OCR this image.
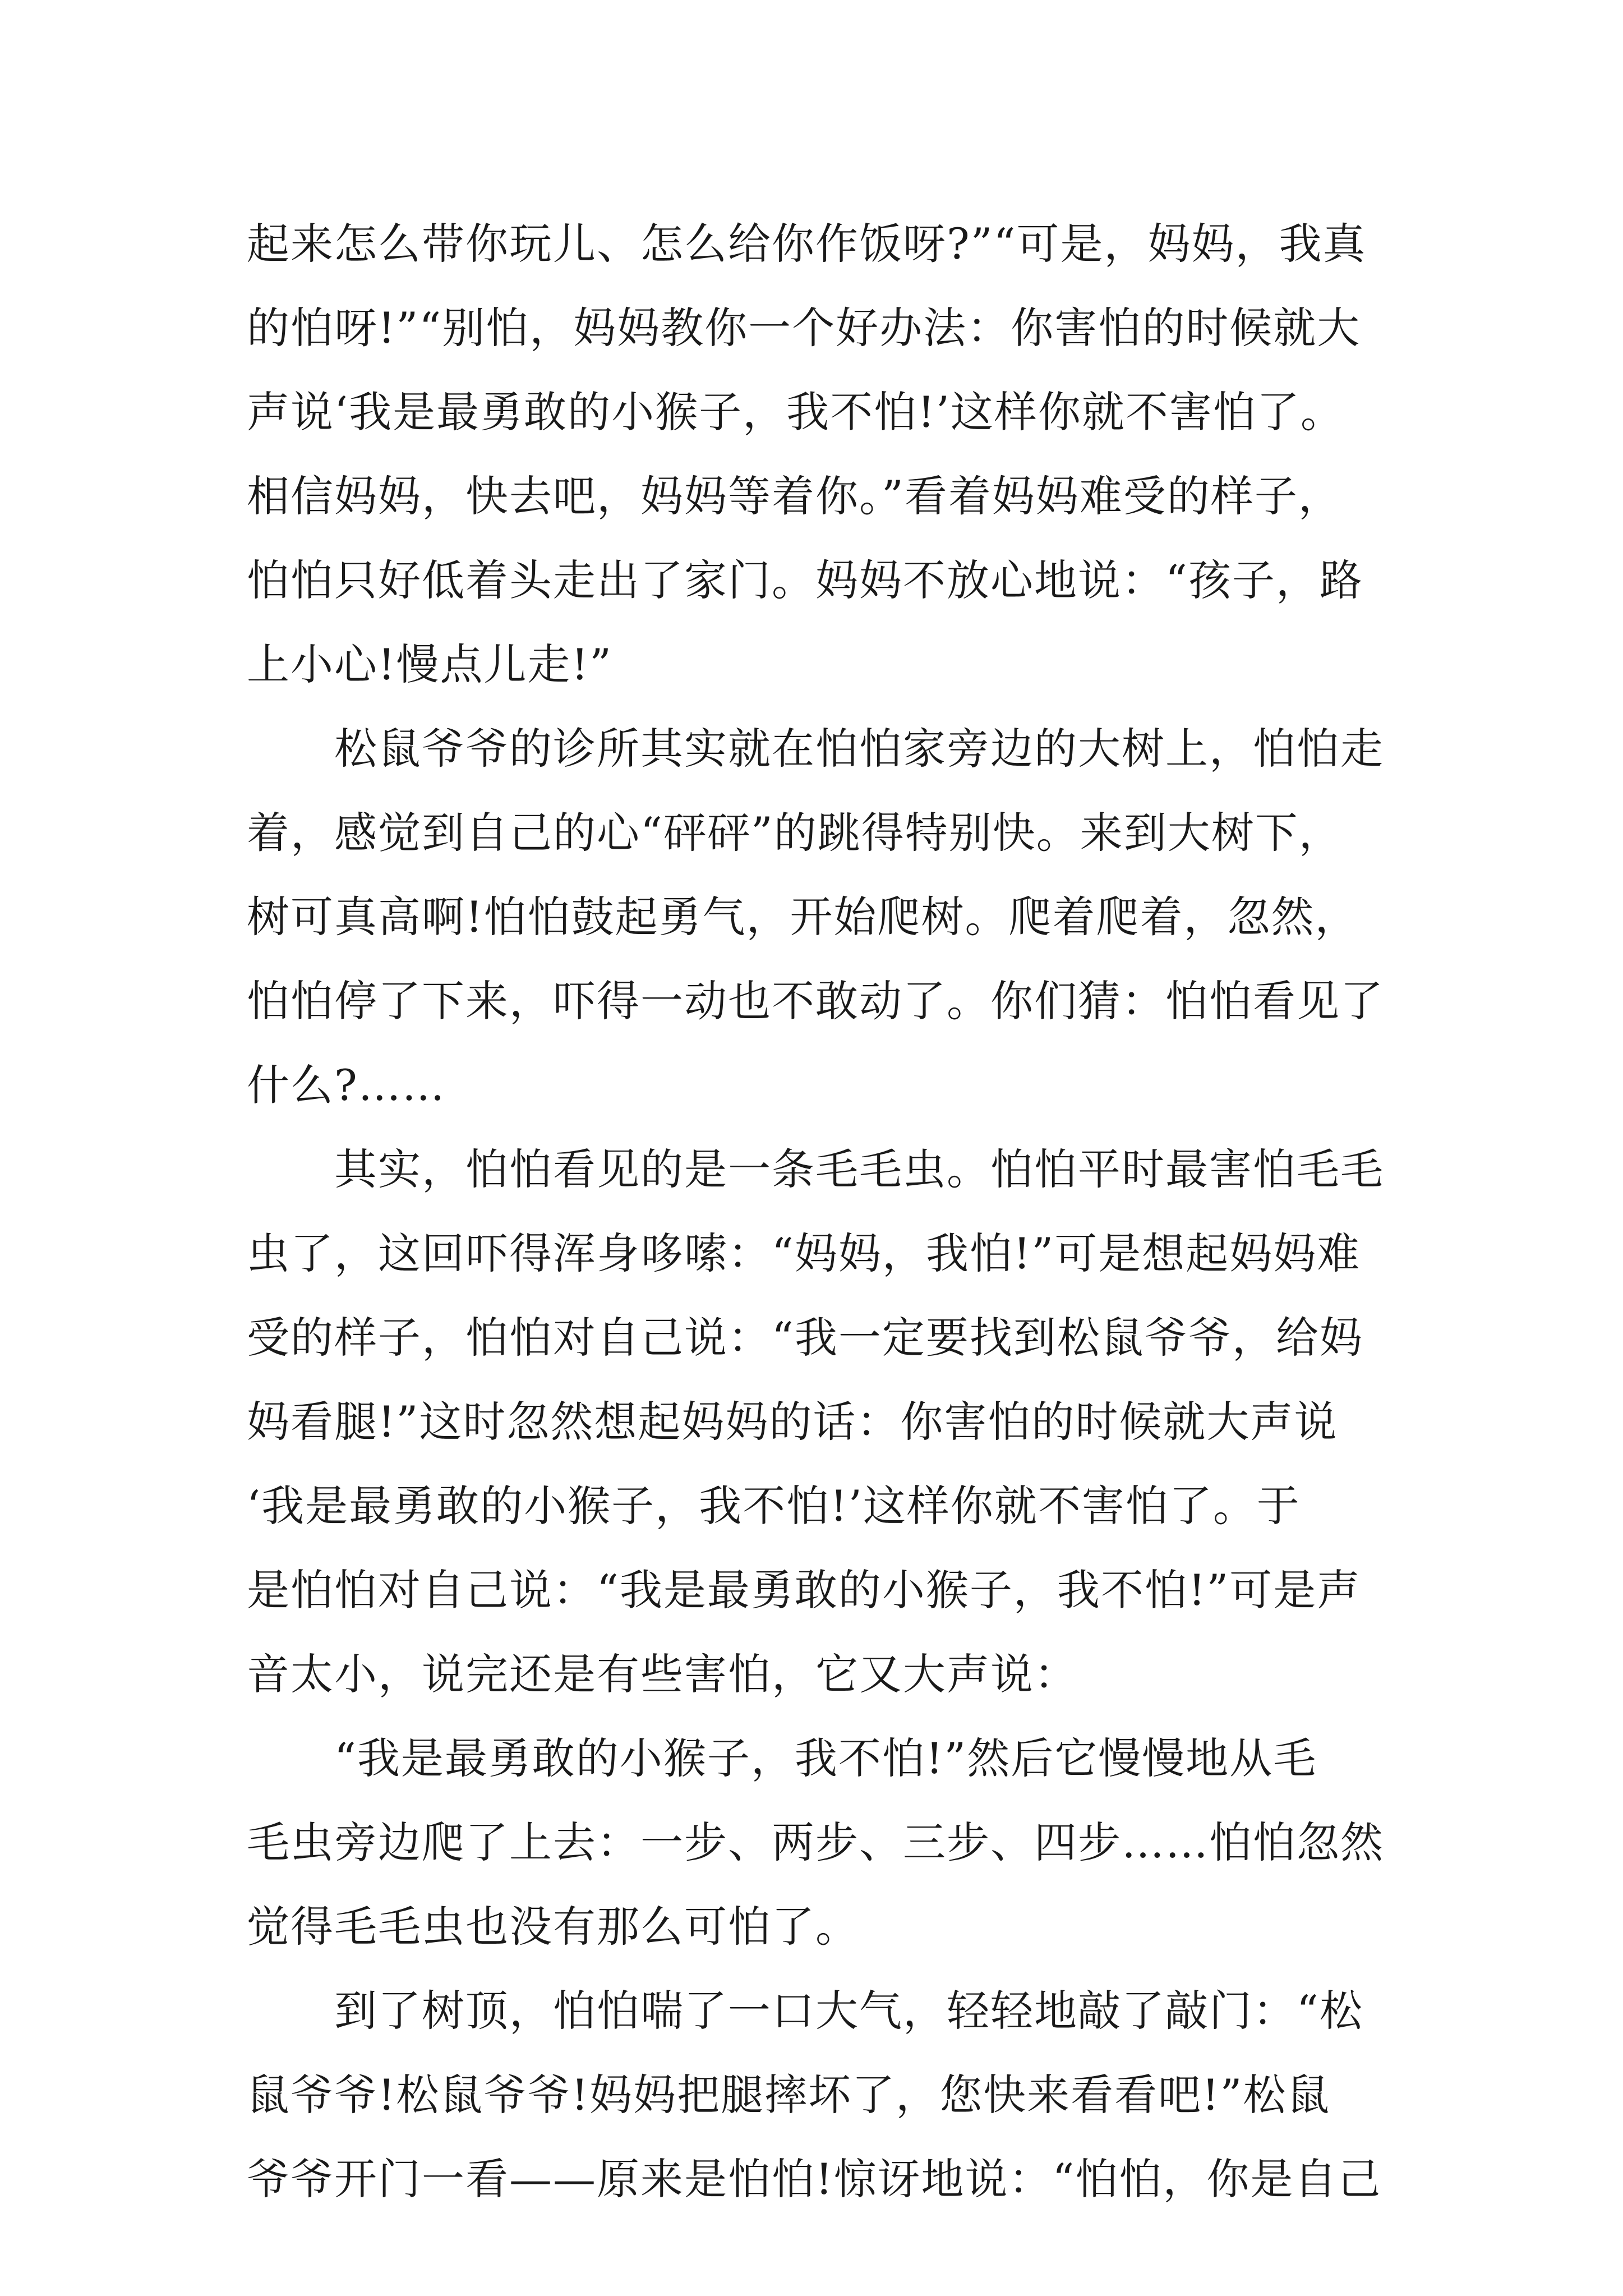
起来怎么带你玩儿、怎么给你作饭呀?”“可是，妈妈，我真
的怕呀!”“别怕，妈妈教你一个好办法：你害怕的时候就大
声说‘我是最勇敢的小猴子，我不怕!’这样你就不害怕了。
相信妈妈，快去吧，妈妈等着你。”看着妈妈难受的样子，
怕怕只好低着头走出了家门。妈妈不放心地说：“孩子，路
上小心!慢点儿走!”
　　松鼠爷爷的诊所其实就在怕怕家旁边的大树上，怕怕走
着，感觉到自己的心“砰砰”的跳得特别快。来到大树下，
树可真高啊!怕怕鼓起勇气，开始爬树。爬着爬着，忽然，
怕怕停了下来，吓得一动也不敢动了。你们猜：怕怕看见了
什么?……
　　其实，怕怕看见的是一条毛毛虫。怕怕平时最害怕毛毛
虫了，这回吓得浑身哆嗦：“妈妈，我怕!”可是想起妈妈难
受的样子，怕怕对自己说：“我一定要找到松鼠爷爷，给妈
妈看腿!”这时忽然想起妈妈的话：你害怕的时候就大声说
‘我是最勇敢的小猴子，我不怕!’这样你就不害怕了。于
是怕怕对自己说：“我是最勇敢的小猴子，我不怕!”可是声
音太小，说完还是有些害怕，它又大声说：
　　“我是最勇敢的小猴子，我不怕!”然后它慢慢地从毛
毛虫旁边爬了上去：一步、两步、三步、四步……怕怕忽然
觉得毛毛虫也没有那么可怕了。
　　到了树顶，怕怕喘了一口大气，轻轻地敲了敲门：“松
鼠爷爷!松鼠爷爷!妈妈把腿摔坏了，您快来看看吧!”松鼠
爷爷开门一看——原来是怕怕!惊讶地说：“怕怕，你是自己
